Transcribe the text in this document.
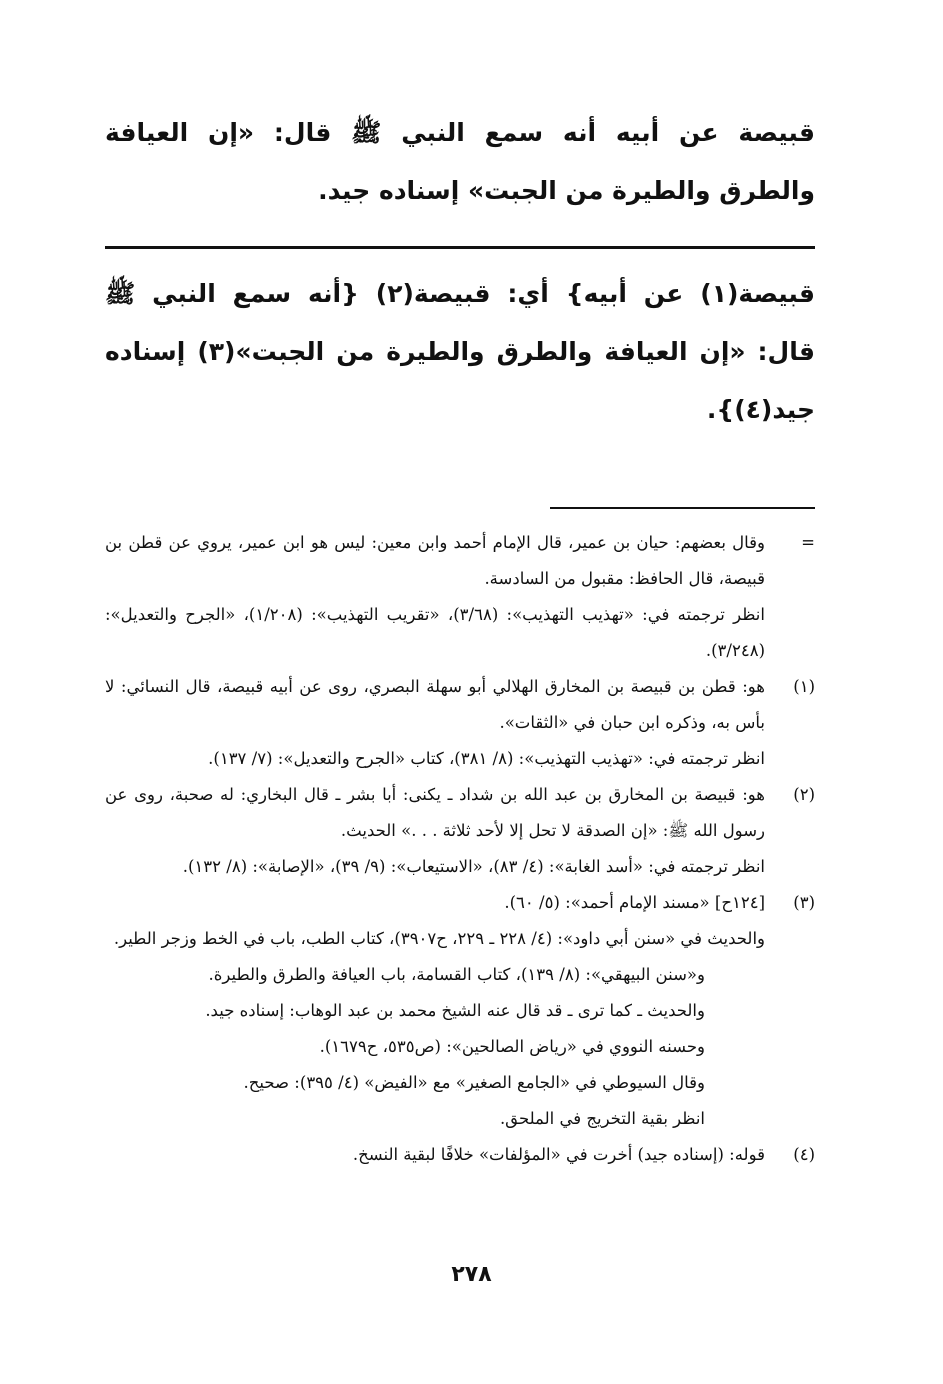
قبيصة عن أبيه أنه سمع النبي ﷺ قال: «إن العيافة والطرق والطيرة من الجبت» إسناده جيد.

قبيصة(١) عن أبيه} أي: قبيصة(٢) {أنه سمع النبي ﷺ قال: «إن العيافة والطرق والطيرة من الجبت»(٣) إسناده جيد(٤)}.

=

وقال بعضهم: حيان بن عمير، قال الإمام أحمد وابن معين: ليس هو ابن عمير، يروي عن قطن بن قبيصة، قال الحافظ: مقبول من السادسة.

انظر ترجمته في: «تهذيب التهذيب»: (٣/٦٨)، «تقريب التهذيب»: (١/٢٠٨)، «الجرح والتعديل»: (٣/٢٤٨).

(١)

هو: قطن بن قبيصة بن المخارق الهلالي أبو سهلة البصري، روى عن أبيه قبيصة، قال النسائي: لا بأس به، وذكره ابن حبان في «الثقات».

انظر ترجمته في: «تهذيب التهذيب»: (٨/ ٣٨١)، كتاب «الجرح والتعديل»: (٧/ ١٣٧).

(٢)

هو: قبيصة بن المخارق بن عبد الله بن شداد ـ يكنى: أبا بشر ـ قال البخاري: له صحبة، روى عن رسول الله ﷺ: «إن الصدقة لا تحل إلا لأحد ثلاثة . . .» الحديث.

انظر ترجمته في: «أسد الغابة»: (٤/ ٨٣)، «الاستيعاب»: (٩/ ٣٩)، «الإصابة»: (٨/ ١٣٢).

(٣)

[١٢٤ح] «مسند الإمام أحمد»: (٥/ ٦٠).

والحديث في «سنن أبي داود»: (٤/ ٢٢٨ ـ ٢٢٩، ح٣٩٠٧)، كتاب الطب، باب في الخط وزجر الطير.

و«سنن البيهقي»: (٨/ ١٣٩)، كتاب القسامة، باب العيافة والطرق والطيرة.

والحديث ـ كما ترى ـ قد قال عنه الشيخ محمد بن عبد الوهاب: إسناده جيد.

وحسنه النووي في «رياض الصالحين»: (ص٥٣٥، ح١٦٧٩).

وقال السيوطي في «الجامع الصغير» مع «الفيض» (٤/ ٣٩٥): صحيح.

انظر بقية التخريج في الملحق.

(٤)

قوله: (إسناده جيد) أخرت في «المؤلفات» خلافًا لبقية النسخ.

٢٧٨
